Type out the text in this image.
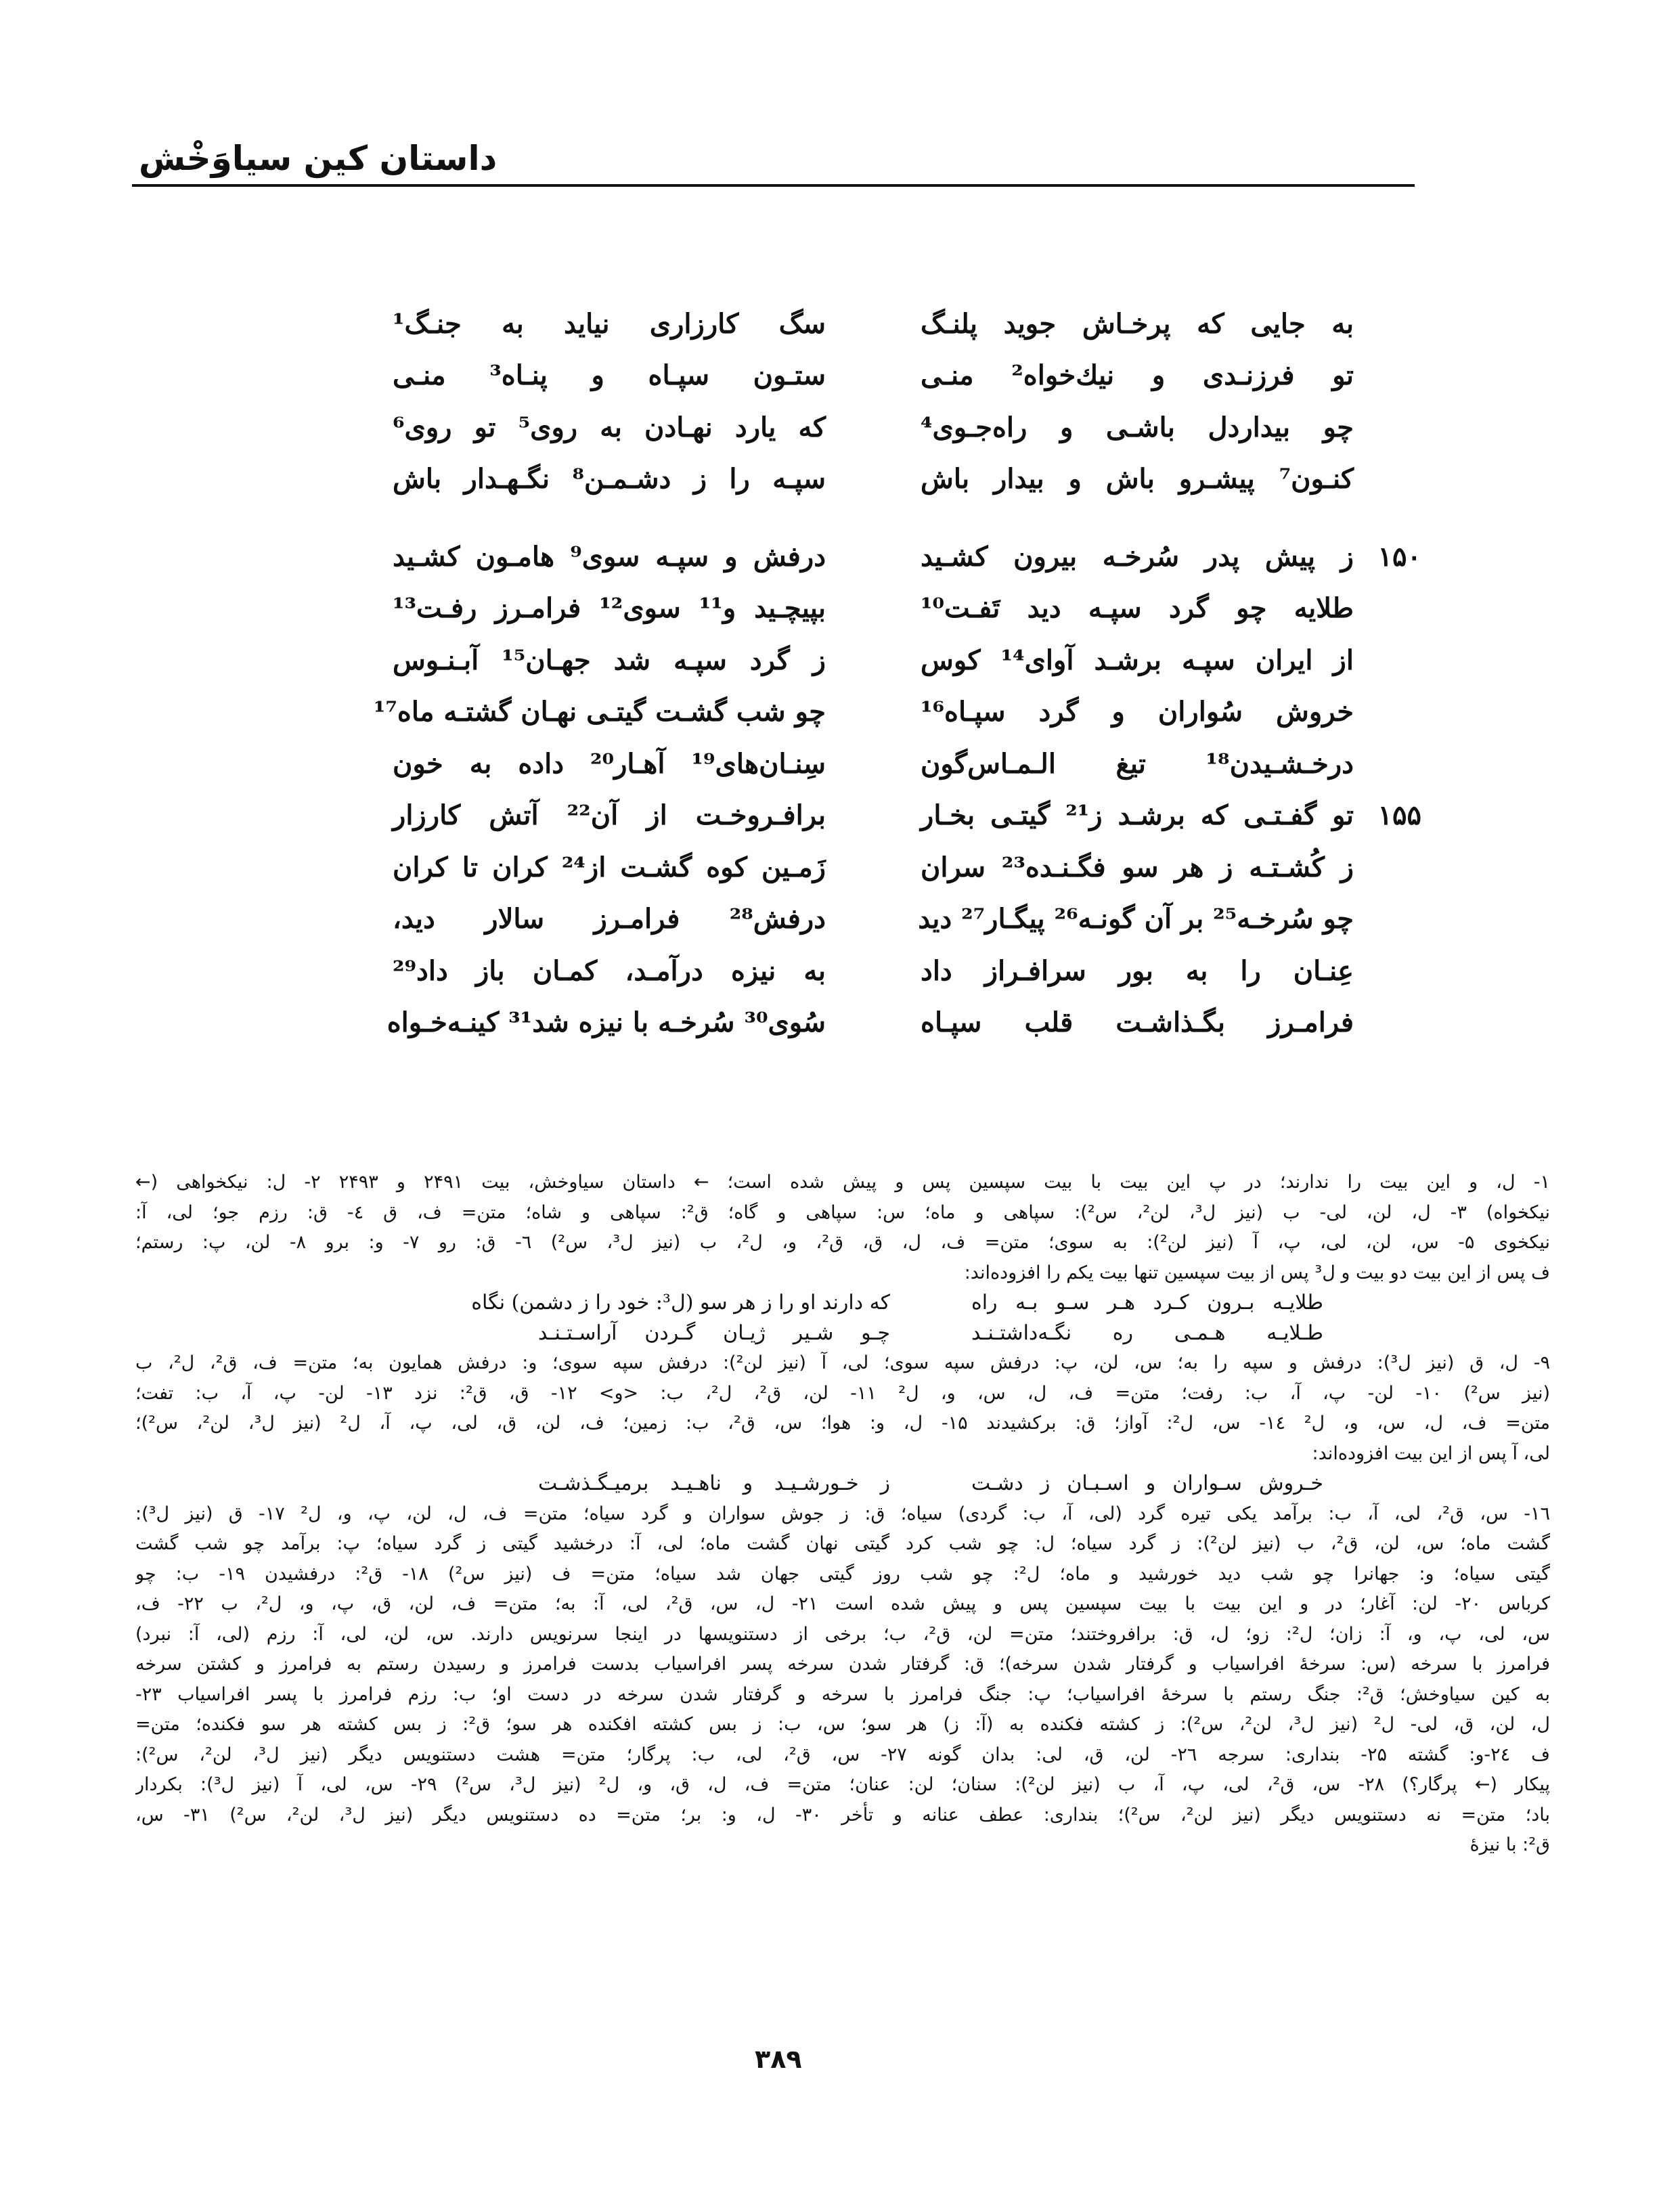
داستان کین سیاوَخْش
به جایی که پرخـاش جوید پلنـگ
سگ کارزاری نیاید به جنـگ¹
تو فرزنـدی و نیك‌خواه² منـی
ستـون سپـاه و پنـاه³ منـی
چو بیداردل باشـی و راه‌جـوی⁴
که یارد نهـادن به روی⁵ تو روی⁶
کنـون⁷ پیشـرو باش و بیدار باش
سپـه را ز دشـمـن⁸ نگـهـدار باش
۱۵۰
ز پیش پدر سُرخـه بیرون کشـید
درفش و سپـه سوی⁹ هامـون کشـید
طلایه چو گرد سپـه دید تَفـت¹⁰
بپیچـید و¹¹ سوی¹² فرامـرز رفـت¹³
از ایران سپـه برشـد آوای¹⁴ کوس
ز گرد سپـه شد جهـان¹⁵ آبـنـوس
خروش سُواران و گرد سپـاه¹⁶
چو شب گشـت گیتـی نهـان گشتـه ماه¹⁷
درخـشـیدن¹⁸ تیغ الـمـاس‌گون
سِنـان‌های¹⁹ آهـار²⁰ داده به خون
۱۵۵
تو گفـتـی که برشـد ز²¹ گیتـی بخـار
برافـروخـت از آن²² آتش کارزار
ز کُشـتـه ز هر سو فگـنـده²³ سران
زَمـین کوه گشـت از²⁴ کران تا کران
چو سُرخـه²⁵ بر آن گونـه²⁶ پیگـار²⁷ دید
درفش²⁸ فرامـرز سالار دید،
عِنـان را به بور سرافـراز داد
به نیزه درآمـد، کمـان باز داد²⁹
فرامـرز بگـذاشـت قلب سپـاه
سُوی³⁰ سُرخـه با نیزه شد³¹ کینـه‌خـواه
۱- ل، و این بیت را ندارند؛ در پ این بیت با بیت سپسین پس و پیش شده است؛ ← داستان سیاوخش، بیت ۲۴۹۱ و ۲۴۹۳ ۲- ل: نیکخواهی (←
نیکخواه) ۳- ل، لن، لی- ب (نیز ل³، لن²، س²): سپاهی و ماه؛ س: سپاهی و گاه؛ ق²: سپاهی و شاه؛ متن= ف، ق ٤- ق: رزم جو؛ لی، آ:
نیکخوی ۵- س، لن، لی، پ، آ (نیز لن²): به سوی؛ متن= ف، ل، ق، ق²، و، ل²، ب (نیز ل³، س²) ٦- ق: رو ۷- و: برو ۸- لن، پ: رستم؛
ف پس از این بیت دو بیت و ل³ پس از بیت سپسین تنها بیت یکم را افزوده‌اند:
طلایـه بـرون کـرد هـر سـو بـه راه
که دارند او را ز هر سو (ل³: خود را ز دشمن) نگاه
طـلایـه هـمـی ره نگـه‌داشتـنـد
چـو شـیر ژیـان گـردن آراسـتـنـد
۹- ل، ق (نیز ل³): درفش و سپه را به؛ س، لن، پ: درفش سپه سوی؛ لی، آ (نیز لن²): درفش سپه سوی؛ و: درفش همایون به؛ متن= ف، ق²، ل²، ب
(نیز س²) ۱۰- لن- پ، آ، ب: رفت؛ متن= ف، ل، س، و، ل² ۱۱- لن، ق²، ل²، ب: <و> ۱۲- ق، ق²: نزد ۱۳- لن- پ، آ، ب: تفت؛
متن= ف، ل، س، و، ل² ۱٤- س، ل²: آواز؛ ق: برکشیدند ۱۵- ل، و: هوا؛ س، ق²، ب: زمین؛ ف، لن، ق، لی، پ، آ، ل² (نیز ل³، لن²، س²)؛
لی، آ پس از این بیت افزوده‌اند:
خـروش سـواران و اسـبـان ز دشـت
ز خـورشـیـد و ناهـیـد برمیـگـذشـت
۱٦- س، ق²، لی، آ، ب: برآمد یکی تیره گرد (لی، آ، ب: گردی) سیاه؛ ق: ز جوش سواران و گرد سیاه؛ متن= ف، ل، لن، پ، و، ل² ۱۷- ق (نیز ل³):
گشت ماه؛ س، لن، ق²، ب (نیز لن²): ز گرد سیاه؛ ل: چو شب کرد گیتی نهان گشت ماه؛ لی، آ: درخشید گیتی ز گرد سیاه؛ پ: برآمد چو شب گشت
گیتی سیاه؛ و: جهانرا چو شب دید خورشید و ماه؛ ل²: چو شب روز گیتی جهان شد سیاه؛ متن= ف (نیز س²) ۱۸- ق²: درفشیدن ۱۹- ب: چو
کرباس ۲۰- لن: آغار؛ در و این بیت با بیت سپسین پس و پیش شده است ۲۱- ل، س، ق²، لی، آ: به؛ متن= ف، لن، ق، پ، و، ل²، ب ۲۲- ف،
س، لی، پ، و، آ: زان؛ ل²: زو؛ ل، ق: برافروختند؛ متن= لن، ق²، ب؛ برخی از دستنویسها در اینجا سرنویس دارند. س، لن، لی، آ: رزم (لی، آ: نبرد)
فرامرز با سرخه (س: سرخهٔ افراسیاب و گرفتار شدن سرخه)؛ ق: گرفتار شدن سرخه پسر افراسیاب بدست فرامرز و رسیدن رستم به فرامرز و کشتن سرخه
به کین سیاوخش؛ ق²: جنگ رستم با سرخهٔ افراسیاب؛ پ: جنگ فرامرز با سرخه و گرفتار شدن سرخه در دست او؛ ب: رزم فرامرز با پسر افراسیاب ۲۳-
ل، لن، ق، لی- ل² (نیز ل³، لن²، س²): ز کشته فکنده به (آ: ز) هر سو؛ س، ب: ز بس کشته افکنده هر سو؛ ق²: ز بس کشته هر سو فکنده؛ متن=
ف ۲٤-و: گشته ۲۵- بنداری: سرجه ۲٦- لن، ق، لی: بدان گونه ۲۷- س، ق²، لی، ب: پرگار؛ متن= هشت دستنویس دیگر (نیز ل³، لن²، س²):
پیکار (← پرگار؟) ۲۸- س، ق²، لی، پ، آ، ب (نیز لن²): سنان؛ لن: عنان؛ متن= ف، ل، ق، و، ل² (نیز ل³، س²) ۲۹- س، لی، آ (نیز ل³): بکردار
باد؛ متن= نه دستنویس دیگر (نیز لن²، س²)؛ بنداری: عطف عنانه و تأخر ۳۰- ل، و: بر؛ متن= ده دستنویس دیگر (نیز ل³، لن²، س²) ۳۱- س،
ق²: با نیزهٔ
۳۸۹
